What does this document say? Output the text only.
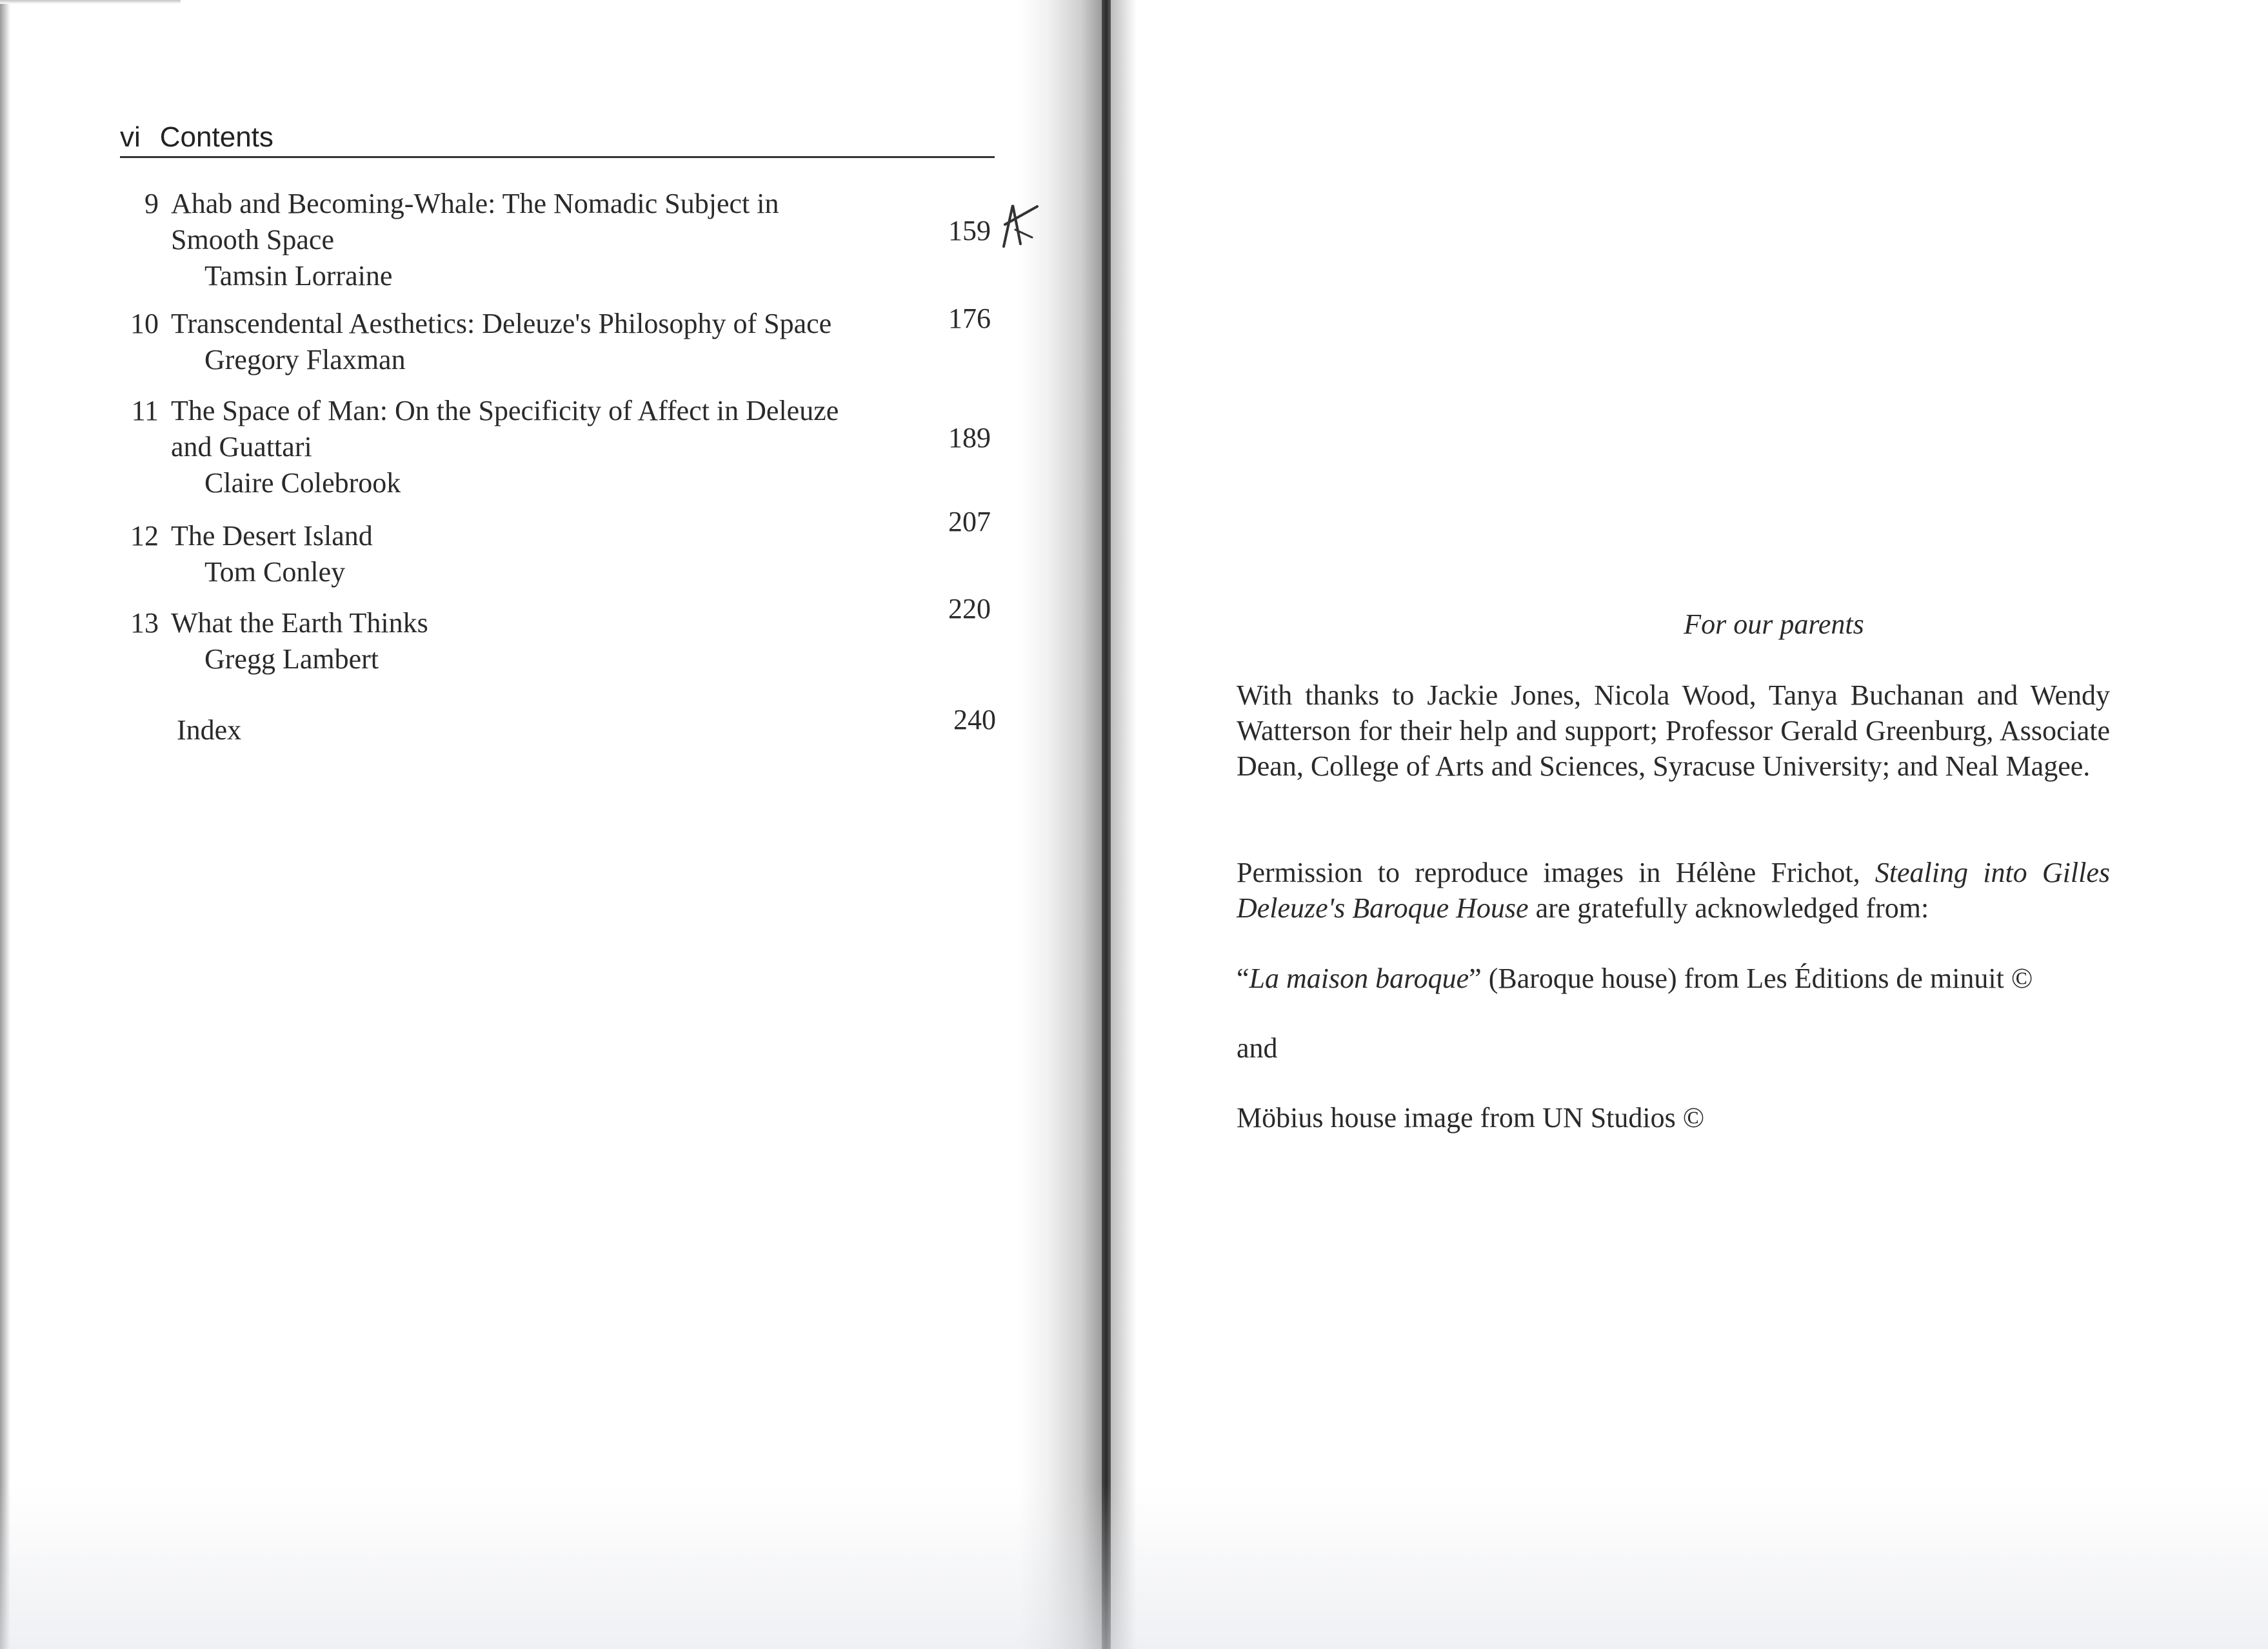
vi Contents
9 Ahab and Becoming-Whale: The Nomadic Subject in
Smooth Space
Tamsin Lorraine
159
10 Transcendental Aesthetics: Deleuze's Philosophy of Space
Gregory Flaxman
176
11 The Space of Man: On the Specificity of Affect in Deleuze
and Guattari
Claire Colebrook
189
12 The Desert Island
Tom Conley
207
13 What the Earth Thinks
Gregg Lambert
220
Index	240
For our parents
With thanks to Jackie Jones, Nicola Wood, Tanya Buchanan and Wendy Watterson for their help and support; Professor Gerald Greenburg, Associate Dean, College of Arts and Sciences, Syracuse University; and Neal Magee.
Permission to reproduce images in Hélène Frichot, Stealing into Gilles Deleuze's Baroque House are gratefully acknowledged from:
“La maison baroque” (Baroque house) from Les Éditions de minuit ©
and
Möbius house image from UN Studios ©
